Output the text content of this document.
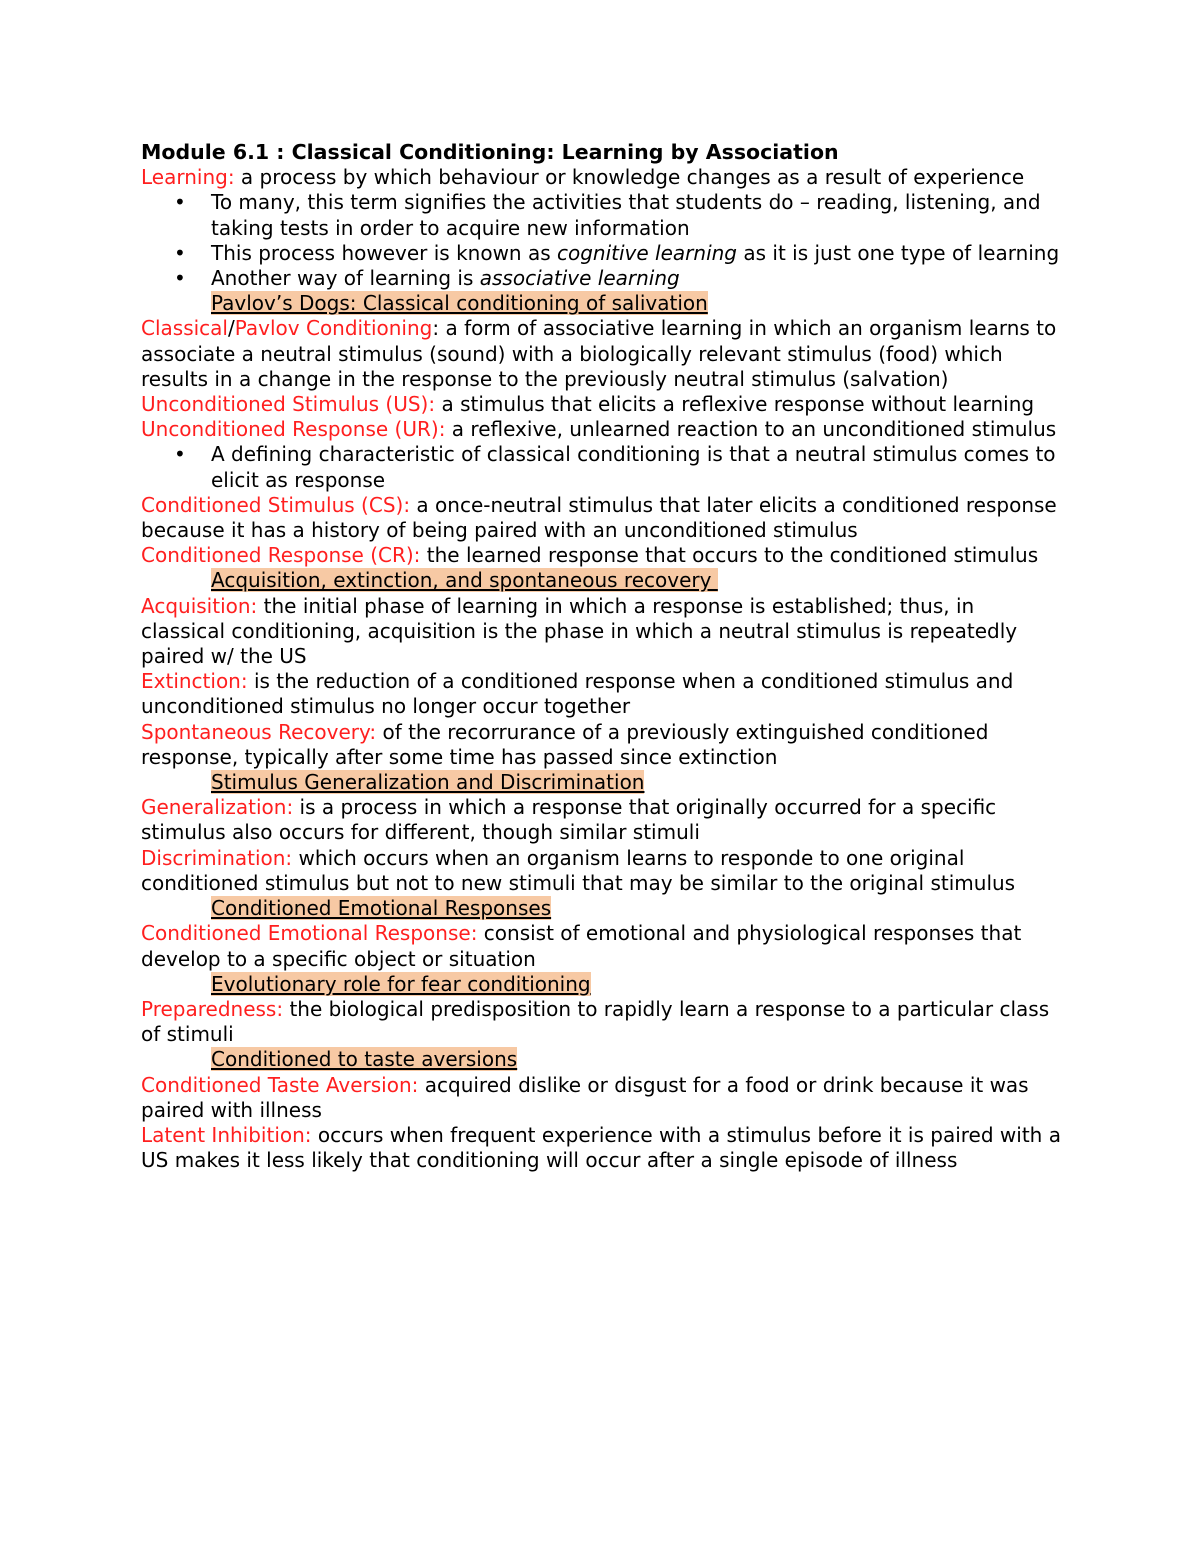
Module 6.1 : Classical Conditioning: Learning by Association

Learning: a process by which behaviour or knowledge changes as a result of experience

• To many, this term signifies the activities that students do – reading, listening, and taking tests in order to acquire new information
• This process however is known as cognitive learning as it is just one type of learning
• Another way of learning is associative learning
Pavlov’s Dogs: Classical conditioning of salivation

Classical/Pavlov Conditioning: a form of associative learning in which an organism learns to associate a neutral stimulus (sound) with a biologically relevant stimulus (food) which results in a change in the response to the previously neutral stimulus (salvation)

Unconditioned Stimulus (US): a stimulus that elicits a reflexive response without learning

Unconditioned Response (UR): a reflexive, unlearned reaction to an unconditioned stimulus

• A defining characteristic of classical conditioning is that a neutral stimulus comes to elicit as response

Conditioned Stimulus (CS): a once-neutral stimulus that later elicits a conditioned response because it has a history of being paired with an unconditioned stimulus

Conditioned Response (CR): the learned response that occurs to the conditioned stimulus

Acquisition, extinction, and spontaneous recovery

Acquisition: the initial phase of learning in which a response is established; thus, in classical conditioning, acquisition is the phase in which a neutral stimulus is repeatedly paired w/ the US

Extinction: is the reduction of a conditioned response when a conditioned stimulus and unconditioned stimulus no longer occur together

Spontaneous Recovery: of the recorrurance of a previously extinguished conditioned response, typically after some time has passed since extinction

Stimulus Generalization and Discrimination

Generalization: is a process in which a response that originally occurred for a specific stimulus also occurs for different, though similar stimuli

Discrimination: which occurs when an organism learns to responde to one original conditioned stimulus but not to new stimuli that may be similar to the original stimulus

Conditioned Emotional Responses

Conditioned Emotional Response: consist of emotional and physiological responses that develop to a specific object or situation

Evolutionary role for fear conditioning

Preparedness: the biological predisposition to rapidly learn a response to a particular class of stimuli

Conditioned to taste aversions

Conditioned Taste Aversion: acquired dislike or disgust for a food or drink because it was paired with illness

Latent Inhibition: occurs when frequent experience with a stimulus before it is paired with a US makes it less likely that conditioning will occur after a single episode of illness
